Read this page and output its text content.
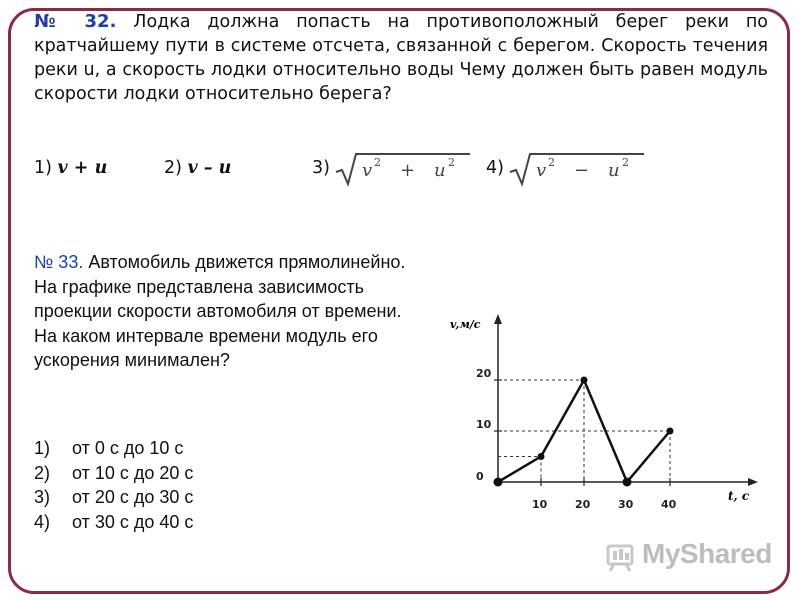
№ 32. Лодка должна попасть на противоположный берег реки по кратчайшему пути в системе отсчета, связанной с берегом. Скорость течения реки u, а скорость лодки относительно воды Чему должен быть равен модуль скорости лодки относительно берега?
1) v + u	2) v – u	3) v 2 + u 2 4) v 2 − u 2
№ 33. Автомобиль движется прямолинейно. На графике представлена зависимость проекции скорости автомобиля от времени. На каком интервале времени модуль его ускорения минимален?
1) от 0 с до 10 с
2) от 10 с до 20 с
3) от 20 с до 30 с
4) от 30 с до 40 с
v,м/с
t, c
0
10
20
10	20	30	40
MyShared
